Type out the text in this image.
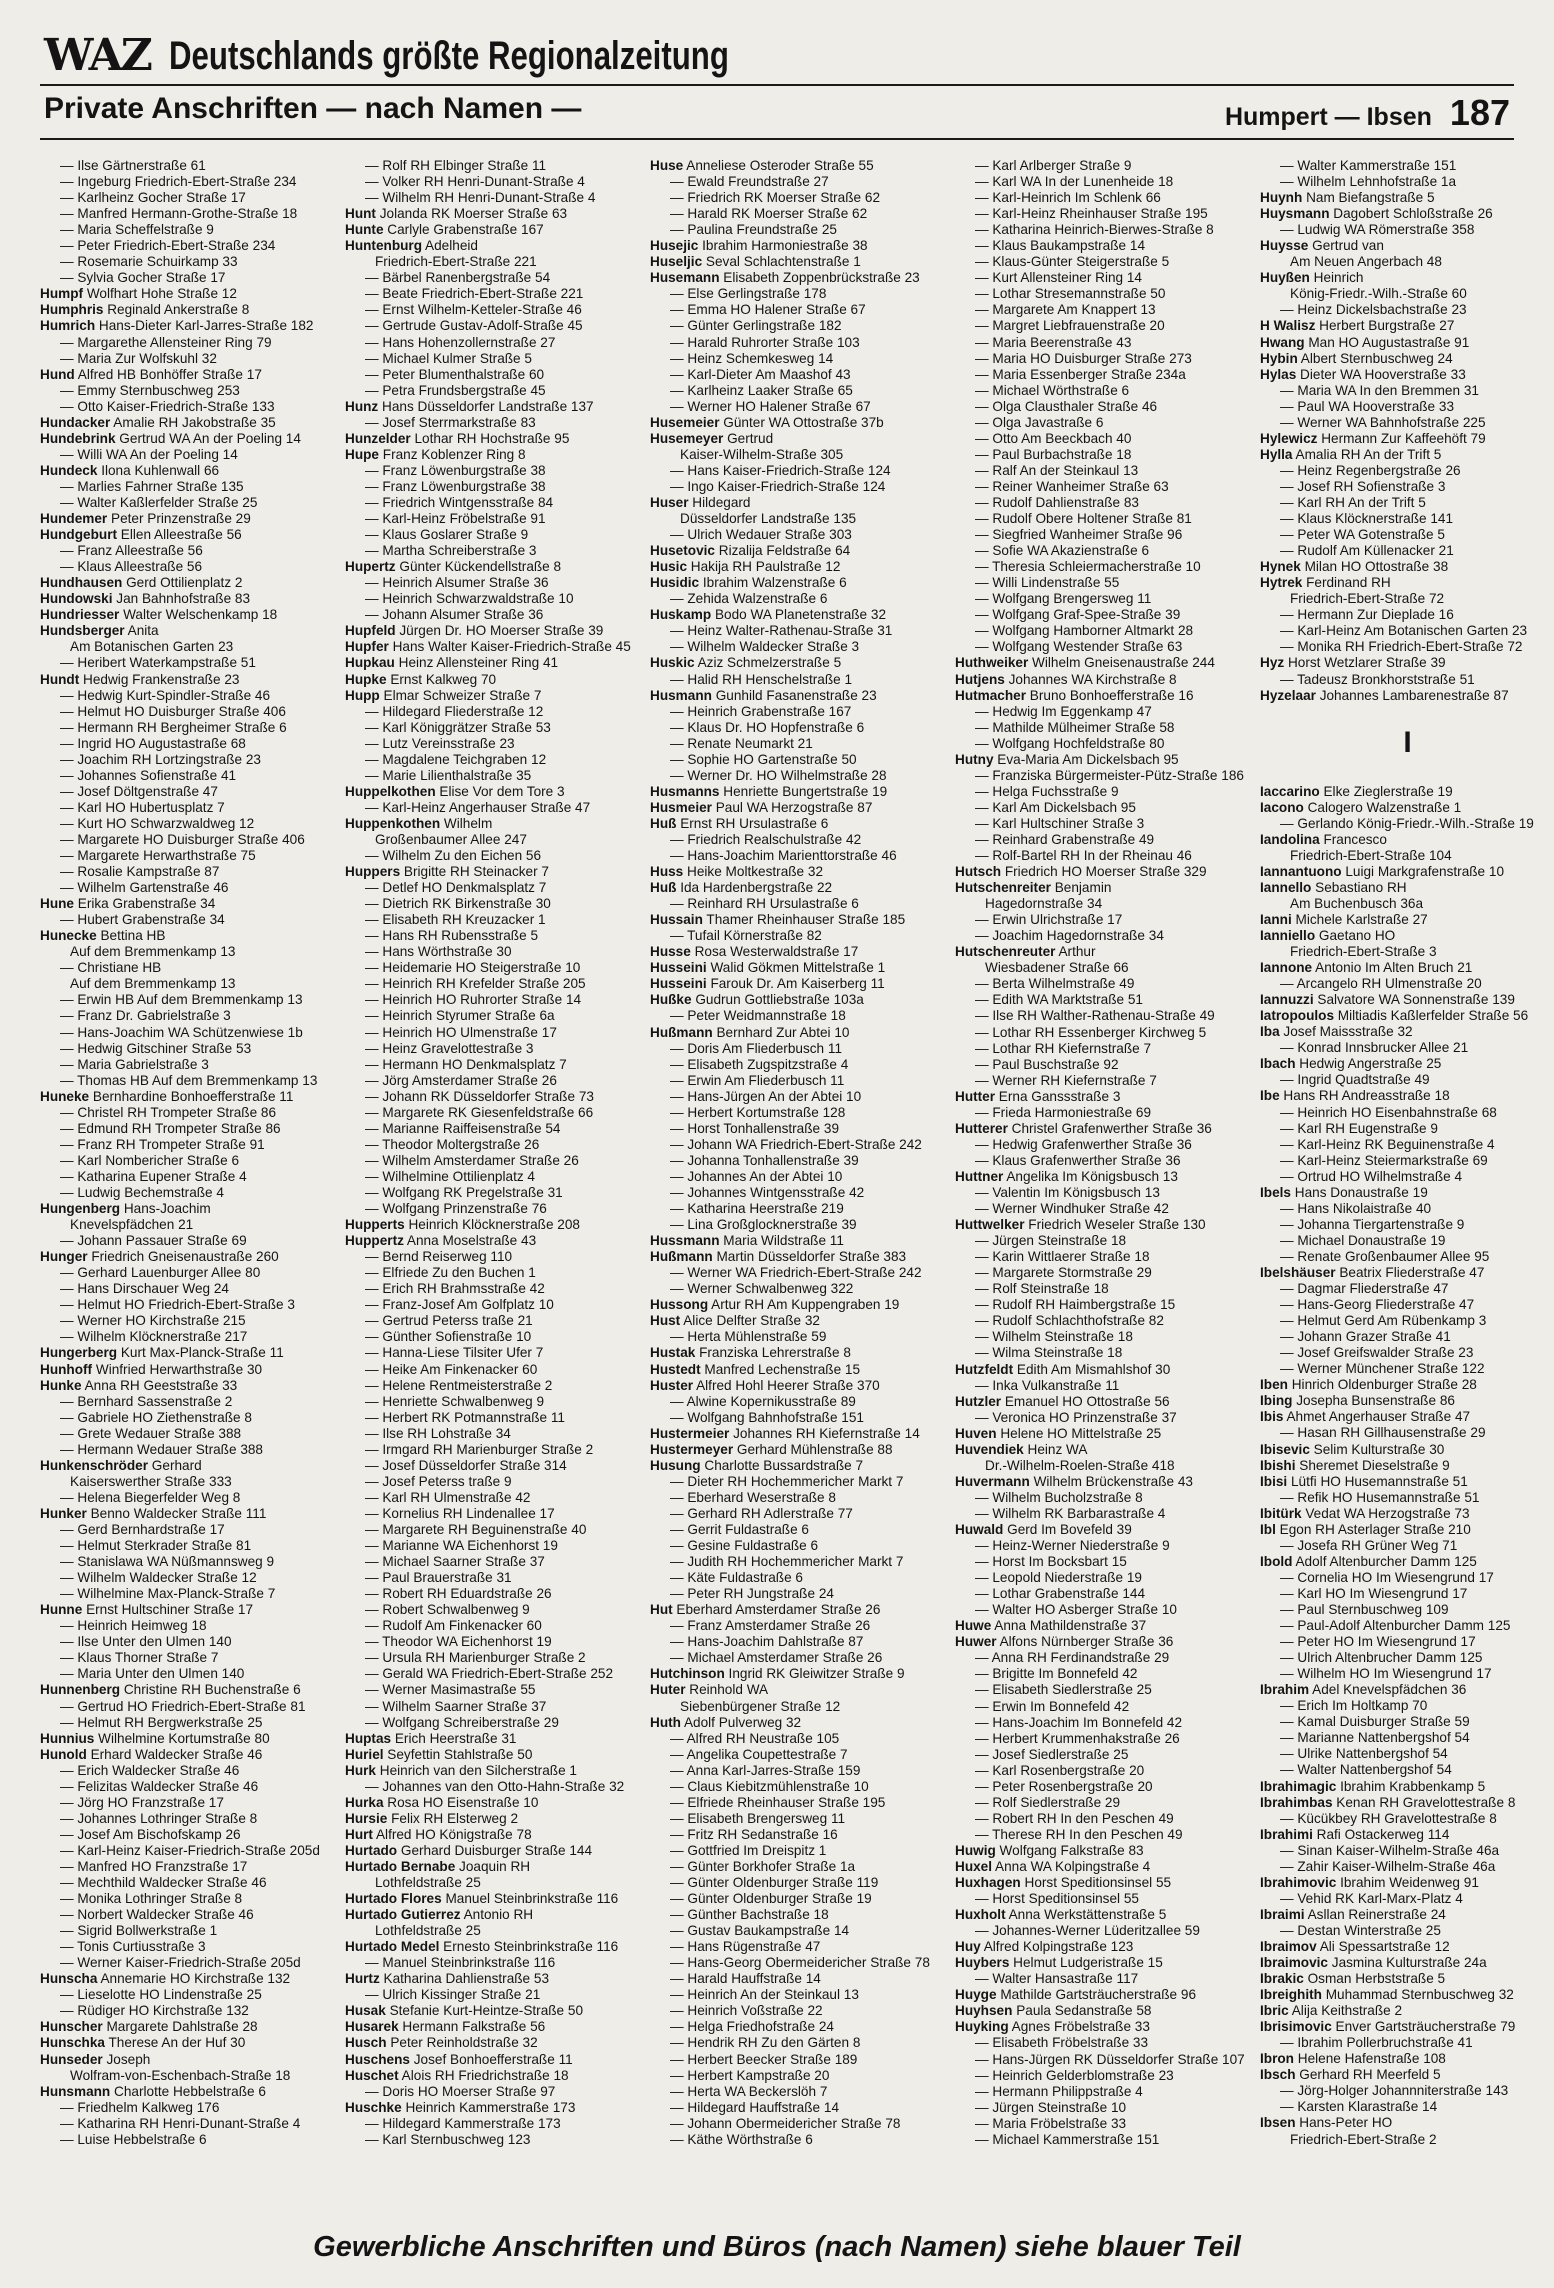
WAZ Deutschlands größte Regionalzeitung
Private Anschriften — nach Namen —	Humpert — Ibsen 187
— Ilse Gärtnerstraße 61
— Ingeburg Friedrich-Ebert-Straße 234
— Karlheinz Gocher Straße 17
— Manfred Hermann-Grothe-Straße 18
— Maria Scheffelstraße 9
— Peter Friedrich-Ebert-Straße 234
— Rosemarie Schuirkamp 33
— Sylvia Gocher Straße 17
Humpf Wolfhart Hohe Straße 12
Humphris Reginald Ankerstraße 8
Humrich Hans-Dieter Karl-Jarres-Straße 182
— Margarethe Allensteiner Ring 79
— Maria Zur Wolfskuhl 32
Hund Alfred HB Bonhöffer Straße 17
— Emmy Sternbuschweg 253
— Otto Kaiser-Friedrich-Straße 133
Hundacker Amalie RH Jakobstraße 35
Hundebrink Gertrud WA An der Poeling 14
— Willi WA An der Poeling 14
Hundeck Ilona Kuhlenwall 66
— Marlies Fahrner Straße 135
— Walter Kaßlerfelder Straße 25
Hundemer Peter Prinzenstraße 29
Hundgeburt Ellen Alleestraße 56
— Franz Alleestraße 56
— Klaus Alleestraße 56
Hundhausen Gerd Ottilienplatz 2
Hundowski Jan Bahnhofstraße 83
Hundriesser Walter Welschenkamp 18
Hundsberger Anita
Am Botanischen Garten 23
— Heribert Waterkampstraße 51
Hundt Hedwig Frankenstraße 23
— Hedwig Kurt-Spindler-Straße 46
— Helmut HO Duisburger Straße 406
— Hermann RH Bergheimer Straße 6
— Ingrid HO Augustastraße 68
— Joachim RH Lortzingstraße 23
— Johannes Sofienstraße 41
— Josef Döltgenstraße 47
— Karl HO Hubertusplatz 7
— Kurt HO Schwarzwaldweg 12
— Margarete HO Duisburger Straße 406
— Margarete Herwarthstraße 75
— Rosalie Kampstraße 87
— Wilhelm Gartenstraße 46
Hune Erika Grabenstraße 34
— Hubert Grabenstraße 34
Hunecke Bettina HB
Auf dem Bremmenkamp 13
— Christiane HB
Auf dem Bremmenkamp 13
— Erwin HB Auf dem Bremmenkamp 13
— Franz Dr. Gabrielstraße 3
— Hans-Joachim WA Schützenwiese 1b
— Hedwig Gitschiner Straße 53
— Maria Gabrielstraße 3
— Thomas HB Auf dem Bremmenkamp 13
Huneke Bernhardine Bonhoefferstraße 11
— Christel RH Trompeter Straße 86
— Edmund RH Trompeter Straße 86
— Franz RH Trompeter Straße 91
— Karl Nombericher Straße 6
— Katharina Eupener Straße 4
— Ludwig Bechemstraße 4
Hungenberg Hans-Joachim
Knevelspfädchen 21
— Johann Passauer Straße 69
Hunger Friedrich Gneisenaustraße 260
— Gerhard Lauenburger Allee 80
— Hans Dirschauer Weg 24
— Helmut HO Friedrich-Ebert-Straße 3
— Werner HO Kirchstraße 215
— Wilhelm Klöcknerstraße 217
Hungerberg Kurt Max-Planck-Straße 11
Hunhoff Winfried Herwarthstraße 30
Hunke Anna RH Geeststraße 33
— Bernhard Sassenstraße 2
— Gabriele HO Ziethenstraße 8
— Grete Wedauer Straße 388
— Hermann Wedauer Straße 388
Hunkenschröder Gerhard
Kaiserswerther Straße 333
— Helena Biegerfelder Weg 8
Hunker Benno Waldecker Straße 111
— Gerd Bernhardstraße 17
— Helmut Sterkrader Straße 81
— Stanislawa WA Nüßmannsweg 9
— Wilhelm Waldecker Straße 12
— Wilhelmine Max-Planck-Straße 7
Hunne Ernst Hultschiner Straße 17
— Heinrich Heimweg 18
— Ilse Unter den Ulmen 140
— Klaus Thorner Straße 7
— Maria Unter den Ulmen 140
Hunnenberg Christine RH Buchenstraße 6
— Gertrud HO Friedrich-Ebert-Straße 81
— Helmut RH Bergwerkstraße 25
Hunnius Wilhelmine Kortumstraße 80
Hunold Erhard Waldecker Straße 46
— Erich Waldecker Straße 46
— Felizitas Waldecker Straße 46
— Jörg HO Franzstraße 17
— Johannes Lothringer Straße 8
— Josef Am Bischofskamp 26
— Karl-Heinz Kaiser-Friedrich-Straße 205d
— Manfred HO Franzstraße 17
— Mechthild Waldecker Straße 46
— Monika Lothringer Straße 8
— Norbert Waldecker Straße 46
— Sigrid Bollwerkstraße 1
— Tonis Curtiusstraße 3
— Werner Kaiser-Friedrich-Straße 205d
Hunscha Annemarie HO Kirchstraße 132
— Lieselotte HO Lindenstraße 25
— Rüdiger HO Kirchstraße 132
Hunscher Margarete Dahlstraße 28
Hunschka Therese An der Huf 30
Hunseder Joseph
Wolfram-von-Eschenbach-Straße 18
Hunsmann Charlotte Hebbelstraße 6
— Friedhelm Kalkweg 176
— Katharina RH Henri-Dunant-Straße 4
— Luise Hebbelstraße 6
— Rolf RH Elbinger Straße 11
— Volker RH Henri-Dunant-Straße 4
— Wilhelm RH Henri-Dunant-Straße 4
Hunt Jolanda RK Moerser Straße 63
Hunte Carlyle Grabenstraße 167
Huntenburg Adelheid
Friedrich-Ebert-Straße 221
— Bärbel Ranenbergstraße 54
— Beate Friedrich-Ebert-Straße 221
— Ernst Wilhelm-Ketteler-Straße 46
— Gertrude Gustav-Adolf-Straße 45
— Hans Hohenzollernstraße 27
— Michael Kulmer Straße 5
— Peter Blumenthalstraße 60
— Petra Frundsbergstraße 45
Hunz Hans Düsseldorfer Landstraße 137
— Josef Sterrmarkstraße 83
Hunzelder Lothar RH Hochstraße 95
Hupe Franz Koblenzer Ring 8
— Franz Löwenburgstraße 38
— Franz Löwenburgstraße 38
— Friedrich Wintgensstraße 84
— Karl-Heinz Fröbelstraße 91
— Klaus Goslarer Straße 9
— Martha Schreiberstraße 3
Hupertz Günter Kückendellstraße 8
— Heinrich Alsumer Straße 36
— Heinrich Schwarzwaldstraße 10
— Johann Alsumer Straße 36
Hupfeld Jürgen Dr. HO Moerser Straße 39
Hupfer Hans Walter Kaiser-Friedrich-Straße 45
Hupkau Heinz Allensteiner Ring 41
Hupke Ernst Kalkweg 70
Hupp Elmar Schweizer Straße 7
— Hildegard Fliederstraße 12
— Karl Königgrätzer Straße 53
— Lutz Vereinsstraße 23
— Magdalene Teichgraben 12
— Marie Lilienthalstraße 35
Huppelkothen Elise Vor dem Tore 3
— Karl-Heinz Angerhauser Straße 47
Huppenkothen Wilhelm
Großenbaumer Allee 247
— Wilhelm Zu den Eichen 56
Huppers Brigitte RH Steinacker 7
— Detlef HO Denkmalsplatz 7
— Dietrich RK Birkenstraße 30
— Elisabeth RH Kreuzacker 1
— Hans RH Rubensstraße 5
— Hans Wörthstraße 30
— Heidemarie HO Steigerstraße 10
— Heinrich RH Krefelder Straße 205
— Heinrich HO Ruhrorter Straße 14
— Heinrich Styrumer Straße 6a
— Heinrich HO Ulmenstraße 17
— Heinz Gravelottestraße 3
— Hermann HO Denkmalsplatz 7
— Jörg Amsterdamer Straße 26
— Johann RK Düsseldorfer Straße 73
— Margarete RK Giesenfeldstraße 66
— Marianne Raiffeisenstraße 54
— Theodor Moltergstraße 26
— Wilhelm Amsterdamer Straße 26
— Wilhelmine Ottilienplatz 4
— Wolfgang RK Pregelstraße 31
— Wolfgang Prinzenstraße 76
Hupperts Heinrich Klöcknerstraße 208
Huppertz Anna Moselstraße 43
— Bernd Reiserweg 110
— Elfriede Zu den Buchen 1
— Erich RH Brahmsstraße 42
— Franz-Josef Am Golfplatz 10
— Gertrud Peterss traße 21
— Günther Sofienstraße 10
— Hanna-Liese Tilsiter Ufer 7
— Heike Am Finkenacker 60
— Helene Rentmeisterstraße 2
— Henriette Schwalbenweg 9
— Herbert RK Potmannstraße 11
— Ilse RH Lohstraße 34
— Irmgard RH Marienburger Straße 2
— Josef Düsseldorfer Straße 314
— Josef Peterss traße 9
— Karl RH Ulmenstraße 42
— Kornelius RH Lindenallee 17
— Margarete RH Beguinenstraße 40
— Marianne WA Eichenhorst 19
— Michael Saarner Straße 37
— Paul Brauerstraße 31
— Robert RH Eduardstraße 26
— Robert Schwalbenweg 9
— Rudolf Am Finkenacker 60
— Theodor WA Eichenhorst 19
— Ursula RH Marienburger Straße 2
— Gerald WA Friedrich-Ebert-Straße 252
— Werner Masimastraße 55
— Wilhelm Saarner Straße 37
— Wolfgang Schreiberstraße 29
Huptas Erich Heerstraße 31
Huriel Seyfettin Stahlstraße 50
Hurk Heinrich van den Silcherstraße 1
— Johannes van den Otto-Hahn-Straße 32
Hurka Rosa HO Eisenstraße 10
Hursie Felix RH Elsterweg 2
Hurt Alfred HO Königstraße 78
Hurtado Gerhard Duisburger Straße 144
Hurtado Bernabe Joaquin RH
Lothfeldstraße 25
Hurtado Flores Manuel Steinbrinkstraße 116
Hurtado Gutierrez Antonio RH
Lothfeldstraße 25
Hurtado Medel Ernesto Steinbrinkstraße 116
— Manuel Steinbrinkstraße 116
Hurtz Katharina Dahlienstraße 53
— Ulrich Kissinger Straße 21
Husak Stefanie Kurt-Heintze-Straße 50
Husarek Hermann Falkstraße 56
Husch Peter Reinholdstraße 32
Huschens Josef Bonhoefferstraße 11
Huschet Alois RH Friedrichstraße 18
— Doris HO Moerser Straße 97
Huschke Heinrich Kammerstraße 173
— Hildegard Kammerstraße 173
— Karl Sternbuschweg 123
Huse Anneliese Osteroder Straße 55
— Ewald Freundstraße 27
— Friedrich RK Moerser Straße 62
— Harald RK Moerser Straße 62
— Paulina Freundstraße 25
Husejic Ibrahim Harmoniestraße 38
Huseljic Seval Schlachtenstraße 1
Husemann Elisabeth Zoppenbrückstraße 23
— Else Gerlingstraße 178
— Emma HO Halener Straße 67
— Günter Gerlingstraße 182
— Harald Ruhrorter Straße 103
— Heinz Schemkesweg 14
— Karl-Dieter Am Maashof 43
— Karlheinz Laaker Straße 65
— Werner HO Halener Straße 67
Husemeier Günter WA Ottostraße 37b
Husemeyer Gertrud
Kaiser-Wilhelm-Straße 305
— Hans Kaiser-Friedrich-Straße 124
— Ingo Kaiser-Friedrich-Straße 124
Huser Hildegard
Düsseldorfer Landstraße 135
— Ulrich Wedauer Straße 303
Husetovic Rizalija Feldstraße 64
Husic Hakija RH Paulstraße 12
Husidic Ibrahim Walzenstraße 6
— Zehida Walzenstraße 6
Huskamp Bodo WA Planetenstraße 32
— Heinz Walter-Rathenau-Straße 31
— Wilhelm Waldecker Straße 3
Huskic Aziz Schmelzerstraße 5
— Halid RH Henschelstraße 1
Husmann Gunhild Fasanenstraße 23
— Heinrich Grabenstraße 167
— Klaus Dr. HO Hopfenstraße 6
— Renate Neumarkt 21
— Sophie HO Gartenstraße 50
— Werner Dr. HO Wilhelmstraße 28
Husmanns Henriette Bungertstraße 19
Husmeier Paul WA Herzogstraße 87
Huß Ernst RH Ursulastraße 6
— Friedrich Realschulstraße 42
— Hans-Joachim Marienttorstraße 46
Huss Heike Moltkestraße 32
Huß Ida Hardenbergstraße 22
— Reinhard RH Ursulastraße 6
Hussain Thamer Rheinhauser Straße 185
— Tufail Körnerstraße 82
Husse Rosa Westerwaldstraße 17
Husseini Walid Gökmen Mittelstraße 1
Husseini Farouk Dr. Am Kaiserberg 11
Hußke Gudrun Gottliebstraße 103a
— Peter Weidmannstraße 18
Hußmann Bernhard Zur Abtei 10
— Doris Am Fliederbusch 11
— Elisabeth Zugspitzstraße 4
— Erwin Am Fliederbusch 11
— Hans-Jürgen An der Abtei 10
— Herbert Kortumstraße 128
— Horst Tonhallenstraße 39
— Johann WA Friedrich-Ebert-Straße 242
— Johanna Tonhallenstraße 39
— Johannes An der Abtei 10
— Johannes Wintgensstraße 42
— Katharina Heerstraße 219
— Lina Großglocknerstraße 39
Hussmann Maria Wildstraße 11
Hußmann Martin Düsseldorfer Straße 383
— Werner WA Friedrich-Ebert-Straße 242
— Werner Schwalbenweg 322
Hussong Artur RH Am Kuppengraben 19
Hust Alice Delfter Straße 32
— Herta Mühlenstraße 59
Hustak Franziska Lehrerstraße 8
Hustedt Manfred Lechenstraße 15
Huster Alfred Hohl Heerer Straße 370
— Alwine Kopernikusstraße 89
— Wolfgang Bahnhofstraße 151
Hustermeier Johannes RH Kiefernstraße 14
Hustermeyer Gerhard Mühlenstraße 88
Husung Charlotte Bussardstraße 7
— Dieter RH Hochemmericher Markt 7
— Eberhard Weserstraße 8
— Gerhard RH Adlerstraße 77
— Gerrit Fuldastraße 6
— Gesine Fuldastraße 6
— Judith RH Hochemmericher Markt 7
— Käte Fuldastraße 6
— Peter RH Jungstraße 24
Hut Eberhard Amsterdamer Straße 26
— Franz Amsterdamer Straße 26
— Hans-Joachim Dahlstraße 87
— Michael Amsterdamer Straße 26
Hutchinson Ingrid RK Gleiwitzer Straße 9
Huter Reinhold WA
Siebenbürgener Straße 12
Huth Adolf Pulverweg 32
— Alfred RH Neustraße 105
— Angelika Coupettestraße 7
— Anna Karl-Jarres-Straße 159
— Claus Kiebitzmühlenstraße 10
— Elfriede Rheinhauser Straße 195
— Elisabeth Brengersweg 11
— Fritz RH Sedanstraße 16
— Gottfried Im Dreispitz 1
— Günter Borkhofer Straße 1a
— Günter Oldenburger Straße 119
— Günter Oldenburger Straße 19
— Günther Bachstraße 18
— Gustav Baukampstraße 14
— Hans Rügenstraße 47
— Hans-Georg Obermeidericher Straße 78
— Harald Hauffstraße 14
— Heinrich An der Steinkaul 13
— Heinrich Voßstraße 22
— Helga Friedhofstraße 24
— Hendrik RH Zu den Gärten 8
— Herbert Beecker Straße 189
— Herbert Kampstraße 20
— Herta WA Beckerslöh 7
— Hildegard Hauffstraße 14
— Johann Obermeidericher Straße 78
— Käthe Wörthstraße 6
— Karl Arlberger Straße 9
— Karl WA In der Lunenheide 18
— Karl-Heinrich Im Schlenk 66
— Karl-Heinz Rheinhauser Straße 195
— Katharina Heinrich-Bierwes-Straße 8
— Klaus Baukampstraße 14
— Klaus-Günter Steigerstraße 5
— Kurt Allensteiner Ring 14
— Lothar Stresemannstraße 50
— Margarete Am Knappert 13
— Margret Liebfrauenstraße 20
— Maria Beerenstraße 43
— Maria HO Duisburger Straße 273
— Maria Essenberger Straße 234a
— Michael Wörthstraße 6
— Olga Clausthaler Straße 46
— Olga Javastraße 6
— Otto Am Beeckbach 40
— Paul Burbachstraße 18
— Ralf An der Steinkaul 13
— Reiner Wanheimer Straße 63
— Rudolf Dahlienstraße 83
— Rudolf Obere Holtener Straße 81
— Siegfried Wanheimer Straße 96
— Sofie WA Akazienstraße 6
— Theresia Schleiermacherstraße 10
— Willi Lindenstraße 55
— Wolfgang Brengersweg 11
— Wolfgang Graf-Spee-Straße 39
— Wolfgang Hamborner Altmarkt 28
— Wolfgang Westender Straße 63
Huthweiker Wilhelm Gneisenaustraße 244
Hutjens Johannes WA Kirchstraße 8
Hutmacher Bruno Bonhoefferstraße 16
— Hedwig Im Eggenkamp 47
— Mathilde Mülheimer Straße 58
— Wolfgang Hochfeldstraße 80
Hutny Eva-Maria Am Dickelsbach 95
— Franziska Bürgermeister-Pütz-Straße 186
— Helga Fuchsstraße 9
— Karl Am Dickelsbach 95
— Karl Hultschiner Straße 3
— Reinhard Grabenstraße 49
— Rolf-Bartel RH In der Rheinau 46
Hutsch Friedrich HO Moerser Straße 329
Hutschenreiter Benjamin
Hagedornstraße 34
— Erwin Ulrichstraße 17
— Joachim Hagedornstraße 34
Hutschenreuter Arthur
Wiesbadener Straße 66
— Berta Wilhelmstraße 49
— Edith WA Marktstraße 51
— Ilse RH Walther-Rathenau-Straße 49
— Lothar RH Essenberger Kirchweg 5
— Lothar RH Kiefernstraße 7
— Paul Buschstraße 92
— Werner RH Kiefernstraße 7
Hutter Erna Ganssstraße 3
— Frieda Harmoniestraße 69
Hutterer Christel Grafenwerther Straße 36
— Hedwig Grafenwerther Straße 36
— Klaus Grafenwerther Straße 36
Huttner Angelika Im Königsbusch 13
— Valentin Im Königsbusch 13
— Werner Windhuker Straße 42
Huttwelker Friedrich Weseler Straße 130
— Jürgen Steinstraße 18
— Karin Wittlaerer Straße 18
— Margarete Stormstraße 29
— Rolf Steinstraße 18
— Rudolf RH Haimbergstraße 15
— Rudolf Schlachthofstraße 82
— Wilhelm Steinstraße 18
— Wilma Steinstraße 18
Hutzfeldt Edith Am Mismahlshof 30
— Inka Vulkanstraße 11
Hutzler Emanuel HO Ottostraße 56
— Veronica HO Prinzenstraße 37
Huven Helene HO Mittelstraße 25
Huvendiek Heinz WA
Dr.-Wilhelm-Roelen-Straße 418
Huvermann Wilhelm Brückenstraße 43
— Wilhelm Bucholzstraße 8
— Wilhelm RK Barbarastraße 4
Huwald Gerd Im Bovefeld 39
— Heinz-Werner Niederstraße 9
— Horst Im Bocksbart 15
— Leopold Niederstraße 19
— Lothar Grabenstraße 144
— Walter HO Asberger Straße 10
Huwe Anna Mathildenstraße 37
Huwer Alfons Nürnberger Straße 36
— Anna RH Ferdinandstraße 29
— Brigitte Im Bonnefeld 42
— Elisabeth Siedlerstraße 25
— Erwin Im Bonnefeld 42
— Hans-Joachim Im Bonnefeld 42
— Herbert Krummenhakstraße 26
— Josef Siedlerstraße 25
— Karl Rosenbergstraße 20
— Peter Rosenbergstraße 20
— Rolf Siedlerstraße 29
— Robert RH In den Peschen 49
— Therese RH In den Peschen 49
Huwig Wolfgang Falkstraße 83
Huxel Anna WA Kolpingstraße 4
Huxhagen Horst Speditionsinsel 55
— Horst Speditionsinsel 55
Huxholt Anna Werkstättenstraße 5
— Johannes-Werner Lüderitzallee 59
Huy Alfred Kolpingstraße 123
Huybers Helmut Ludgeristraße 15
— Walter Hansastraße 117
Huyge Mathilde Gartsträucherstraße 96
Huyhsen Paula Sedanstraße 58
Huyking Agnes Fröbelstraße 33
— Elisabeth Fröbelstraße 33
— Hans-Jürgen RK Düsseldorfer Straße 107
— Heinrich Gelderblomstraße 23
— Hermann Philippstraße 4
— Jürgen Steinstraße 10
— Maria Fröbelstraße 33
— Michael Kammerstraße 151
— Walter Kammerstraße 151
— Wilhelm Lehnhofstraße 1a
Huynh Nam Biefangstraße 5
Huysmann Dagobert Schloßstraße 26
— Ludwig WA Römerstraße 358
Huysse Gertrud van
Am Neuen Angerbach 48
Huyßen Heinrich
König-Friedr.-Wilh.-Straße 60
— Heinz Dickelsbachstraße 23
H Walisz Herbert Burgstraße 27
Hwang Man HO Augustastraße 91
Hybin Albert Sternbuschweg 24
Hylas Dieter WA Hooverstraße 33
— Maria WA In den Bremmen 31
— Paul WA Hooverstraße 33
— Werner WA Bahnhofstraße 225
Hylewicz Hermann Zur Kaffeehöft 79
Hylla Amalia RH An der Trift 5
— Heinz Regenbergstraße 26
— Josef RH Sofienstraße 3
— Karl RH An der Trift 5
— Klaus Klöcknerstraße 141
— Peter WA Gotenstraße 5
— Rudolf Am Küllenacker 21
Hynek Milan HO Ottostraße 38
Hytrek Ferdinand RH
Friedrich-Ebert-Straße 72
— Hermann Zur Dieplade 16
— Karl-Heinz Am Botanischen Garten 23
— Monika RH Friedrich-Ebert-Straße 72
Hyz Horst Wetzlarer Straße 39
— Tadeusz Bronkhorststraße 51
Hyzelaar Johannes Lambarenestraße 87
I
Iaccarino Elke Zieglerstraße 19
Iacono Calogero Walzenstraße 1
— Gerlando König-Friedr.-Wilh.-Straße 19
Iandolina Francesco
Friedrich-Ebert-Straße 104
Iannantuono Luigi Markgrafenstraße 10
Iannello Sebastiano RH
Am Buchenbusch 36a
Ianni Michele Karlstraße 27
Ianniello Gaetano HO
Friedrich-Ebert-Straße 3
Iannone Antonio Im Alten Bruch 21
— Arcangelo RH Ulmenstraße 20
Iannuzzi Salvatore WA Sonnenstraße 139
Iatropoulos Miltiadis Kaßlerfelder Straße 56
Iba Josef Maissstraße 32
— Konrad Innsbrucker Allee 21
Ibach Hedwig Angerstraße 25
— Ingrid Quadtstraße 49
Ibe Hans RH Andreasstraße 18
— Heinrich HO Eisenbahnstraße 68
— Karl RH Eugenstraße 9
— Karl-Heinz RK Beguinenstraße 4
— Karl-Heinz Steiermarkstraße 69
— Ortrud HO Wilhelmstraße 4
Ibels Hans Donaustraße 19
— Hans Nikolaistraße 40
— Johanna Tiergartenstraße 9
— Michael Donaustraße 19
— Renate Großenbaumer Allee 95
Ibelshäuser Beatrix Fliederstraße 47
— Dagmar Fliederstraße 47
— Hans-Georg Fliederstraße 47
— Helmut Gerd Am Rübenkamp 3
— Johann Grazer Straße 41
— Josef Greifswalder Straße 23
— Werner Münchener Straße 122
Iben Hinrich Oldenburger Straße 28
Ibing Josepha Bunsenstraße 86
Ibis Ahmet Angerhauser Straße 47
— Hasan RH Gillhausenstraße 29
Ibisevic Selim Kulturstraße 30
Ibishi Sheremet Dieselstraße 9
Ibisi Lütfi HO Husemannstraße 51
— Refik HO Husemannstraße 51
Ibitürk Vedat WA Herzogstraße 73
Ibl Egon RH Asterlager Straße 210
— Josefa RH Grüner Weg 71
Ibold Adolf Altenburcher Damm 125
— Cornelia HO Im Wiesengrund 17
— Karl HO Im Wiesengrund 17
— Paul Sternbuschweg 109
— Paul-Adolf Altenburcher Damm 125
— Peter HO Im Wiesengrund 17
— Ulrich Altenbrucher Damm 125
— Wilhelm HO Im Wiesengrund 17
Ibrahim Adel Knevelspfädchen 36
— Erich Im Holtkamp 70
— Kamal Duisburger Straße 59
— Marianne Nattenbergshof 54
— Ulrike Nattenbergshof 54
— Walter Nattenbergshof 54
Ibrahimagic Ibrahim Krabbenkamp 5
Ibrahimbas Kenan RH Gravelottestraße 8
— Kücükbey RH Gravelottestraße 8
Ibrahimi Rafi Ostackerweg 114
— Sinan Kaiser-Wilhelm-Straße 46a
— Zahir Kaiser-Wilhelm-Straße 46a
Ibrahimovic Ibrahim Weidenweg 91
— Vehid RK Karl-Marx-Platz 4
Ibraimi Asllan Reinerstraße 24
— Destan Winterstraße 25
Ibraimov Ali Spessartstraße 12
Ibraimovic Jasmina Kulturstraße 24a
Ibrakic Osman Herbststraße 5
Ibreighith Muhammad Sternbuschweg 32
Ibric Alija Keithstraße 2
Ibrisimovic Enver Gartsträucherstraße 79
— Ibrahim Pollerbruchstraße 41
Ibron Helene Hafenstraße 108
Ibsch Gerhard RH Meerfeld 5
— Jörg-Holger Johannniterstraße 143
— Karsten Klarastraße 14
Ibsen Hans-Peter HO
Friedrich-Ebert-Straße 2
Gewerbliche Anschriften und Büros (nach Namen) siehe blauer Teil
